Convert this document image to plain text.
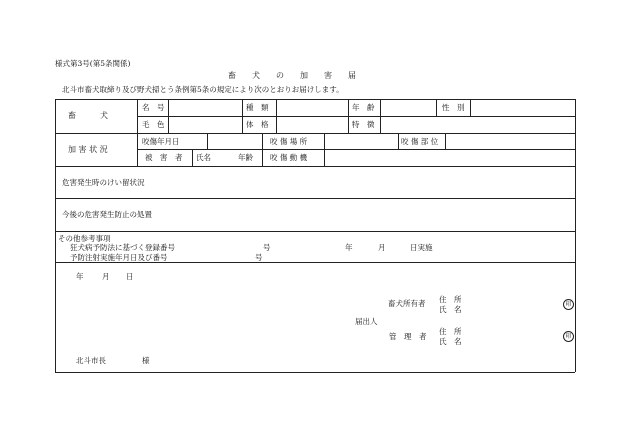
様式第3号(第5条関係)
畜　　犬　　の　　加　　害　　届
北斗市畜犬取締り及び野犬掃とう条例第5条の規定により次のとおりお届けします。
畜　　　犬
名　号	種　類	年　齢	性　別
毛　色	体　格	特　徴
加 害 状 況
咬傷年月日	咬 傷 場 所	咬 傷 部 位
被　害　者 氏名	年齢 咬 傷 動 機
危害発生時のけい留状況
今後の危害発生防止の処置
その他参考事項
狂犬病予防法に基づく登録番号	号	年	月	日実施
予防注射実施年月日及び番号	号
年 月 日
畜犬所有者 住　所
氏　名
印
届出人
管　理　者
住　所
氏　名
印
北斗市長	様
